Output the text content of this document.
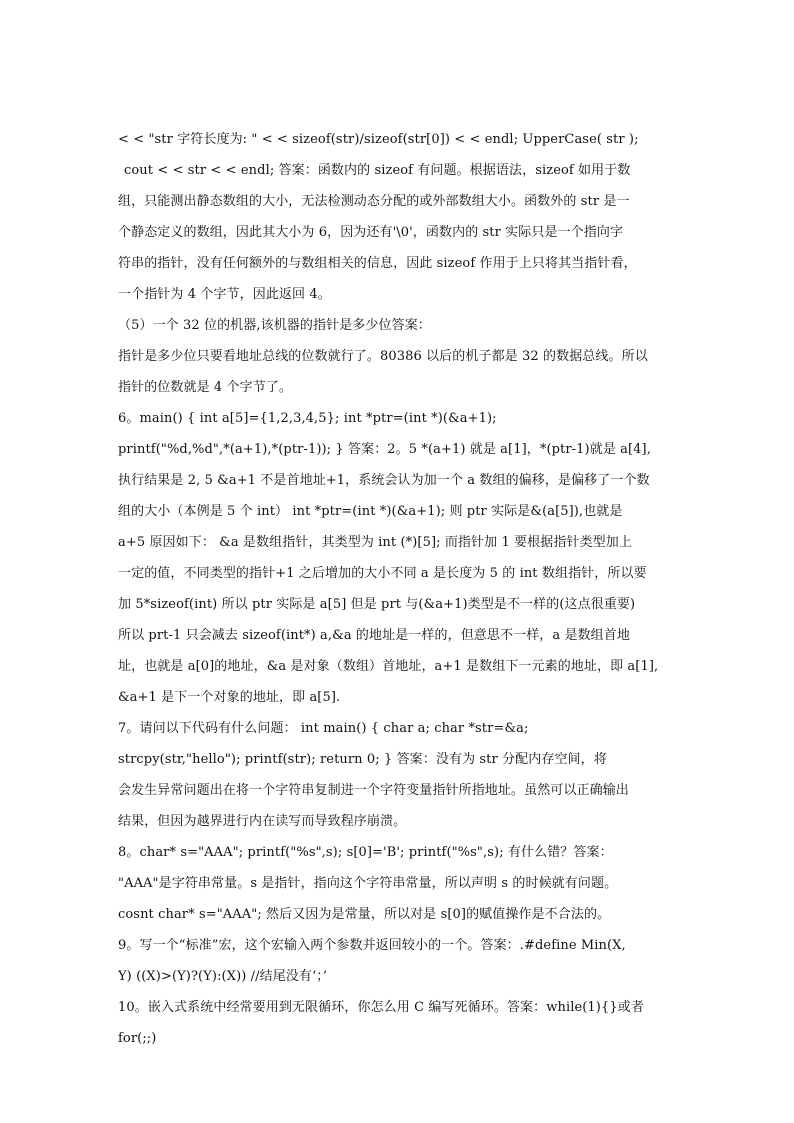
< < "str 字符长度为: " < < sizeof(str)/sizeof(str[0]) < < endl; UpperCase( str );
cout < < str < < endl; 答案：函数内的 sizeof 有问题。根据语法，sizeof 如用于数
组，只能测出静态数组的大小，无法检测动态分配的或外部数组大小。函数外的 str 是一
个静态定义的数组，因此其大小为 6，因为还有'\0'，函数内的 str 实际只是一个指向字
符串的指针，没有任何额外的与数组相关的信息，因此 sizeof 作用于上只将其当指针看，
一个指针为 4 个字节，因此返回 4。
（5）一个 32 位的机器,该机器的指针是多少位答案：
指针是多少位只要看地址总线的位数就行了。80386 以后的机子都是 32 的数据总线。所以
指针的位数就是 4 个字节了。
6。main() { int a[5]={1,2,3,4,5}; int *ptr=(int *)(&a+1);
printf("%d,%d",*(a+1),*(ptr-1)); } 答案：2。5 *(a+1) 就是 a[1]，*(ptr-1)就是 a[4],
执行结果是 2, 5 &a+1 不是首地址+1，系统会认为加一个 a 数组的偏移，是偏移了一个数
组的大小（本例是 5 个 int） int *ptr=(int *)(&a+1); 则 ptr 实际是&(a[5]),也就是
a+5 原因如下： &a 是数组指针，其类型为 int (*)[5]; 而指针加 1 要根据指针类型加上
一定的值，不同类型的指针+1 之后增加的大小不同 a 是长度为 5 的 int 数组指针，所以要
加 5*sizeof(int) 所以 ptr 实际是 a[5] 但是 prt 与(&a+1)类型是不一样的(这点很重要)
所以 prt-1 只会减去 sizeof(int*) a,&a 的地址是一样的，但意思不一样，a 是数组首地
址，也就是 a[0]的地址，&a 是对象（数组）首地址，a+1 是数组下一元素的地址，即 a[1],
&a+1 是下一个对象的地址，即 a[5].
7。请问以下代码有什么问题： int main() { char a; char *str=&a;
strcpy(str,"hello"); printf(str); return 0; } 答案：没有为 str 分配内存空间，将
会发生异常问题出在将一个字符串复制进一个字符变量指针所指地址。虽然可以正确输出
结果，但因为越界进行内在读写而导致程序崩溃。
8。char* s="AAA"; printf("%s",s); s[0]='B'; printf("%s",s); 有什么错？答案：
"AAA"是字符串常量。s 是指针，指向这个字符串常量，所以声明 s 的时候就有问题。
cosnt char* s="AAA"; 然后又因为是常量，所以对是 s[0]的赋值操作是不合法的。
9。写一个“标准”宏，这个宏输入两个参数并返回较小的一个。答案：.#define Min(X,
Y) ((X)>(Y)?(Y):(X)) //结尾没有‘；’
10。嵌入式系统中经常要用到无限循环，你怎么用 C 编写死循环。答案：while(1){}或者
for(;;)
